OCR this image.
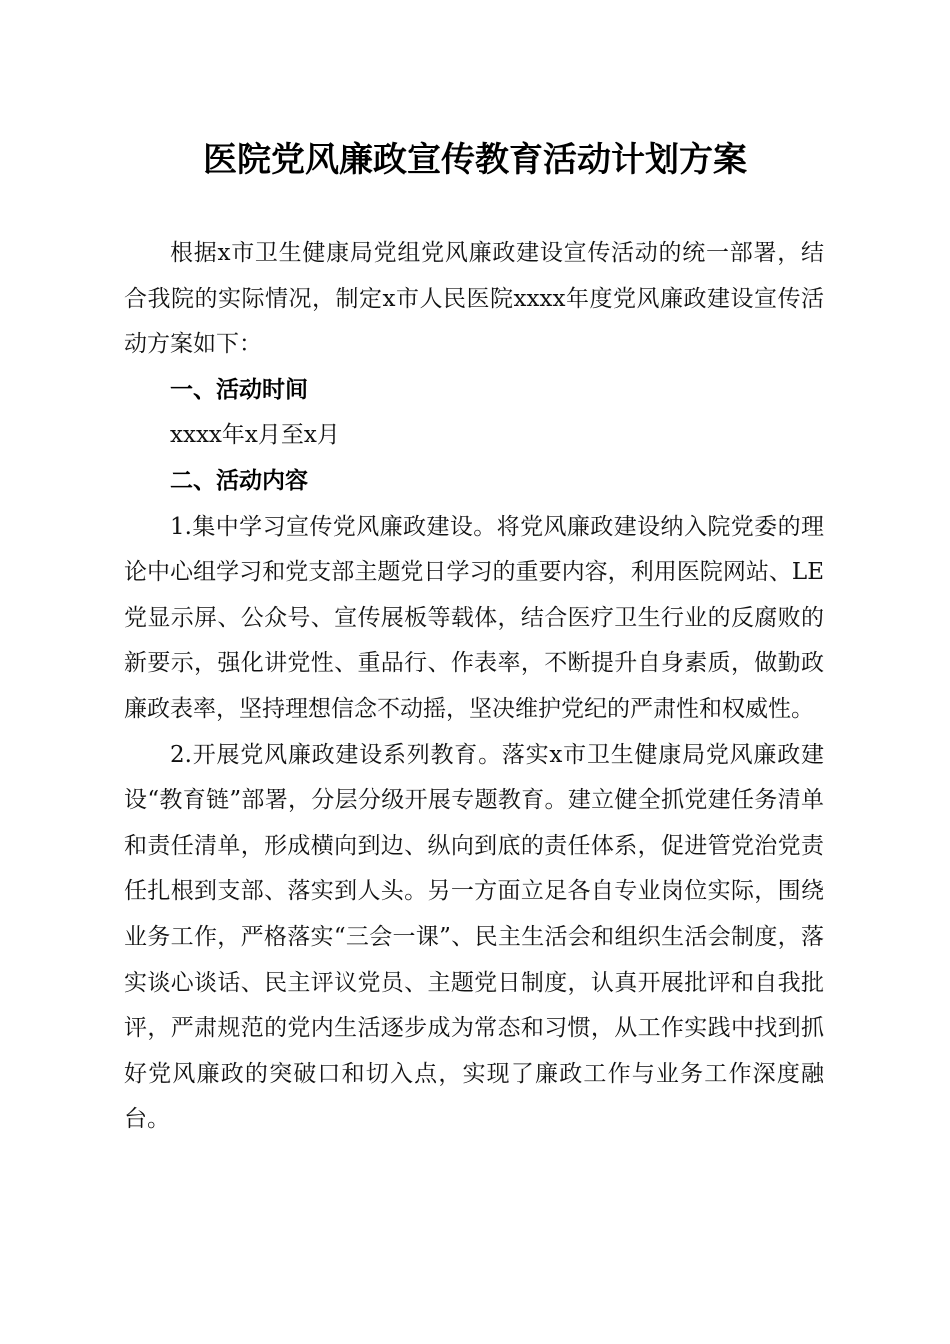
医院党风廉政宣传教育活动计划方案

根据x市卫生健康局党组党风廉政建设宣传活动的统一部署，结合我院的实际情况，制定x市人民医院xxxx年度党风廉政建设宣传活动方案如下：

一、活动时间

xxxx年x月至x月

二、活动内容

1.集中学习宣传党风廉政建设。将党风廉政建设纳入院党委的理论中心组学习和党支部主题党日学习的重要内容，利用医院网站、LE党显示屏、公众号、宣传展板等载体，结合医疗卫生行业的反腐败的新要示，强化讲党性、重品行、作表率，不断提升自身素质，做勤政廉政表率，坚持理想信念不动摇，坚决维护党纪的严肃性和权威性。

2.开展党风廉政建设系列教育。落实x市卫生健康局党风廉政建设“教育链”部署，分层分级开展专题教育。建立健全抓党建任务清单和责任清单，形成横向到边、纵向到底的责任体系，促进管党治党责任扎根到支部、落实到人头。另一方面立足各自专业岗位实际，围绕业务工作，严格落实“三会一课”、民主生活会和组织生活会制度，落实谈心谈话、民主评议党员、主题党日制度，认真开展批评和自我批评，严肃规范的党内生活逐步成为常态和习惯，从工作实践中找到抓好党风廉政的突破口和切入点，实现了廉政工作与业务工作深度融台。
